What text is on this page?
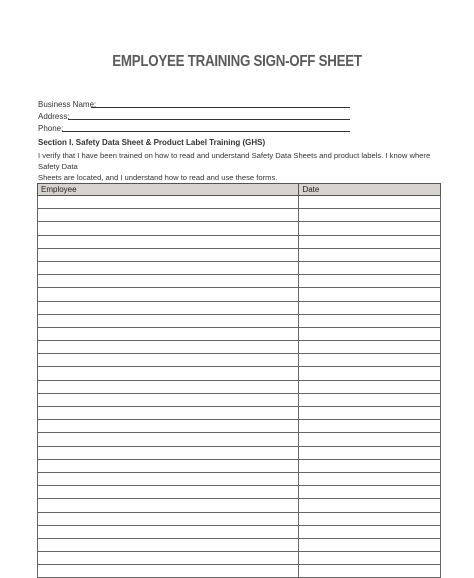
EMPLOYEE TRAINING SIGN-OFF SHEET
Business Name:
Address:
Phone:
Section I. Safety Data Sheet & Product Label Training (GHS)
I verify that I have been trained on how to read and understand Safety Data Sheets and product labels. I know where Safety Data
Sheets are located, and I understand how to read and use these forms.
Employee	Date
